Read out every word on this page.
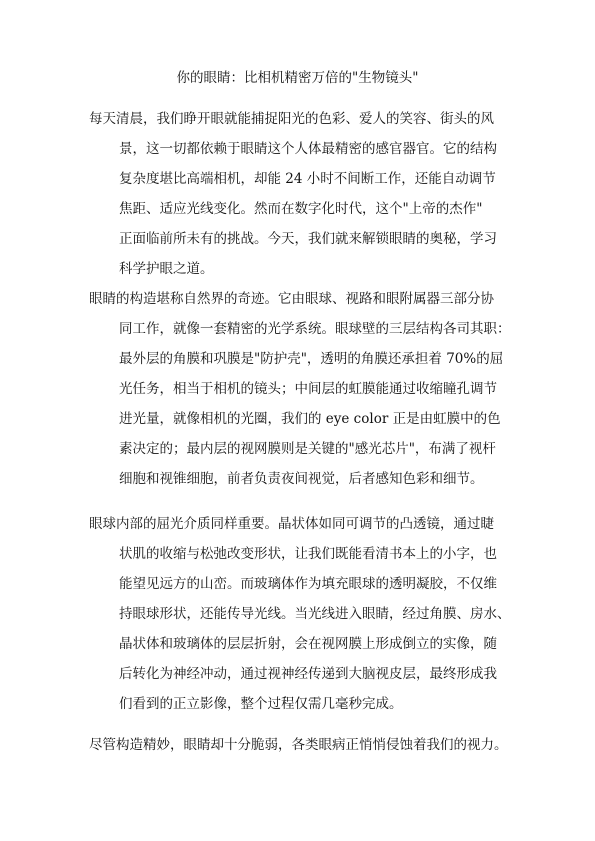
你的眼睛：比相机精密万倍的"生物镜头"

每天清晨，我们睁开眼就能捕捉阳光的色彩、爱人的笑容、街头的风
景，这一切都依赖于眼睛这个人体最精密的感官器官。它的结构
复杂度堪比高端相机，却能 24 小时不间断工作，还能自动调节
焦距、适应光线变化。然而在数字化时代，这个"上帝的杰作"
正面临前所未有的挑战。今天，我们就来解锁眼睛的奥秘，学习
科学护眼之道。

眼睛的构造堪称自然界的奇迹。它由眼球、视路和眼附属器三部分协
同工作，就像一套精密的光学系统。眼球壁的三层结构各司其职：
最外层的角膜和巩膜是"防护壳"，透明的角膜还承担着 70%的屈
光任务，相当于相机的镜头；中间层的虹膜能通过收缩瞳孔调节
进光量，就像相机的光圈，我们的 eye color 正是由虹膜中的色
素决定的；最内层的视网膜则是关键的"感光芯片"，布满了视杆
细胞和视锥细胞，前者负责夜间视觉，后者感知色彩和细节。

眼球内部的屈光介质同样重要。晶状体如同可调节的凸透镜，通过睫
状肌的收缩与松弛改变形状，让我们既能看清书本上的小字，也
能望见远方的山峦。而玻璃体作为填充眼球的透明凝胶，不仅维
持眼球形状，还能传导光线。当光线进入眼睛，经过角膜、房水、
晶状体和玻璃体的层层折射，会在视网膜上形成倒立的实像，随
后转化为神经冲动，通过视神经传递到大脑视皮层，最终形成我
们看到的正立影像，整个过程仅需几毫秒完成。

尽管构造精妙，眼睛却十分脆弱，各类眼病正悄悄侵蚀着我们的视力。
